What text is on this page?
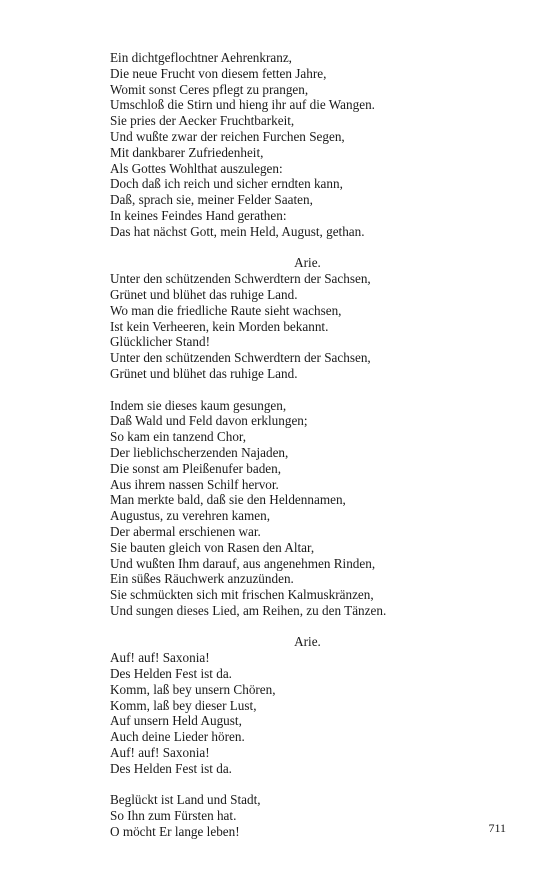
Ein dichtgeflochtner Aehrenkranz,
Die neue Frucht von diesem fetten Jahre,
Womit sonst Ceres pflegt zu prangen,
Umschloß die Stirn und hieng ihr auf die Wangen.
Sie pries der Aecker Fruchtbarkeit,
Und wußte zwar der reichen Furchen Segen,
Mit dankbarer Zufriedenheit,
Als Gottes Wohlthat auszulegen:
Doch daß ich reich und sicher erndten kann,
Daß, sprach sie, meiner Felder Saaten,
In keines Feindes Hand gerathen:
Das hat nächst Gott, mein Held, August, gethan.
Arie.
Unter den schützenden Schwerdtern der Sachsen,
Grünet und blühet das ruhige Land.
Wo man die friedliche Raute sieht wachsen,
Ist kein Verheeren, kein Morden bekannt.
Glücklicher Stand!
Unter den schützenden Schwerdtern der Sachsen,
Grünet und blühet das ruhige Land.
Indem sie dieses kaum gesungen,
Daß Wald und Feld davon erklungen;
So kam ein tanzend Chor,
Der lieblichscherzenden Najaden,
Die sonst am Pleißenufer baden,
Aus ihrem nassen Schilf hervor.
Man merkte bald, daß sie den Heldennamen,
Augustus, zu verehren kamen,
Der abermal erschienen war.
Sie bauten gleich von Rasen den Altar,
Und wußten Ihm darauf, aus angenehmen Rinden,
Ein süßes Räuchwerk anzuzünden.
Sie schmückten sich mit frischen Kalmuskränzen,
Und sungen dieses Lied, am Reihen, zu den Tänzen.
Arie.
Auf! auf! Saxonia!
Des Helden Fest ist da.
Komm, laß bey unsern Chören,
Komm, laß bey dieser Lust,
Auf unsern Held August,
Auch deine Lieder hören.
Auf! auf! Saxonia!
Des Helden Fest ist da.
Beglückt ist Land und Stadt,
So Ihn zum Fürsten hat.
O möcht Er lange leben!	711
